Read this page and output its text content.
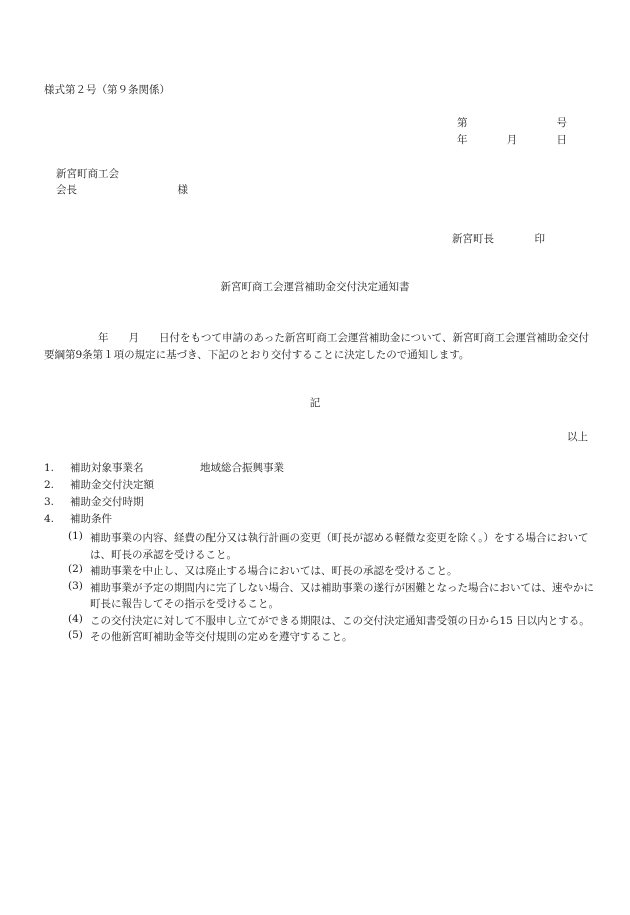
様式第２号（第９条関係）
第	号
年	月	日
新宮町商工会
会長	様
新宮町長	印
新宮町商工会運営補助金交付決定通知書
年 月 日付をもつて申請のあった新宮町商工会運営補助金について、新宮町商工会運営補助金交付要綱第9条第１項の規定に基づき、下記のとおり交付することに決定したので通知します。
記
以上
1.	補助対象事業名	地域総合振興事業
2.	補助金交付決定額
3.	補助金交付時期
4.	補助条件
(1) 補助事業の内容、経費の配分又は執行計画の変更（町長が認める軽微な変更を除く。）をする場合においては、町長の承認を受けること。
(2) 補助事業を中止し、又は廃止する場合においては、町長の承認を受けること。
(3) 補助事業が予定の期間内に完了しない場合、又は補助事業の遂行が困難となった場合においては、速やかに町長に報告してその指示を受けること。
(4) この交付決定に対して不服申し立てができる期限は、この交付決定通知書受領の日から15 日以内とする。
(5) その他新宮町補助金等交付規則の定めを遵守すること。
